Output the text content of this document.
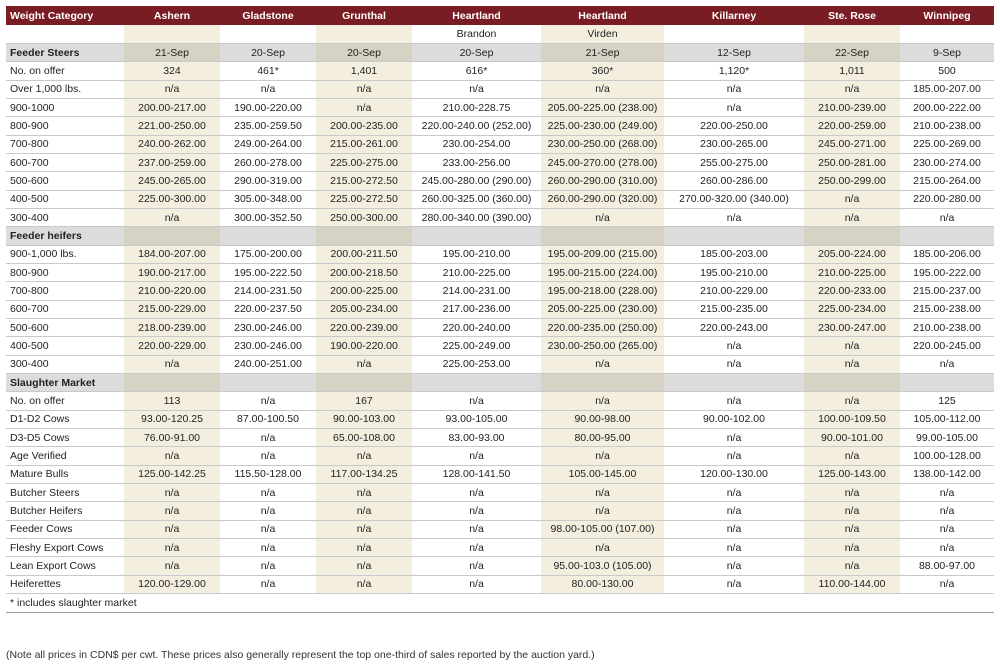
Weight Category	Ashern	Gladstone	Grunthal	Heartland	Heartland	Killarney	Ste. Rose	Winnipeg
				Brandon	Virden			
Feeder Steers	21-Sep	20-Sep	20-Sep	20-Sep	21-Sep	12-Sep	22-Sep	9-Sep
No. on offer	324	461*	1,401	616*	360*	1,120*	1,011	500
Over 1,000 lbs.	n/a	n/a	n/a	n/a	n/a	n/a	n/a	185.00-207.00
900-1000	200.00-217.00	190.00-220.00	n/a	210.00-228.75	205.00-225.00 (238.00)	n/a	210.00-239.00	200.00-222.00
800-900	221.00-250.00	235.00-259.50	200.00-235.00	220.00-240.00 (252.00)	225.00-230.00 (249.00)	220.00-250.00	220.00-259.00	210.00-238.00
700-800	240.00-262.00	249.00-264.00	215.00-261.00	230.00-254.00	230.00-250.00 (268.00)	230.00-265.00	245.00-271.00	225.00-269.00
600-700	237.00-259.00	260.00-278.00	225.00-275.00	233.00-256.00	245.00-270.00 (278.00)	255.00-275.00	250.00-281.00	230.00-274.00
500-600	245.00-265.00	290.00-319.00	215.00-272.50	245.00-280.00 (290.00)	260.00-290.00 (310.00)	260.00-286.00	250.00-299.00	215.00-264.00
400-500	225.00-300.00	305.00-348.00	225.00-272.50	260.00-325.00 (360.00)	260.00-290.00 (320.00)	270.00-320.00 (340.00)	n/a	220.00-280.00
300-400	n/a	300.00-352.50	250.00-300.00	280.00-340.00 (390.00)	n/a	n/a	n/a	n/a
Feeder heifers								
900-1,000 lbs.	184.00-207.00	175.00-200.00	200.00-211.50	195.00-210.00	195.00-209.00 (215.00)	185.00-203.00	205.00-224.00	185.00-206.00
800-900	190.00-217.00	195.00-222.50	200.00-218.50	210.00-225.00	195.00-215.00 (224.00)	195.00-210.00	210.00-225.00	195.00-222.00
700-800	210.00-220.00	214.00-231.50	200.00-225.00	214.00-231.00	195.00-218.00 (228.00)	210.00-229.00	220.00-233.00	215.00-237.00
600-700	215.00-229.00	220.00-237.50	205.00-234.00	217.00-236.00	205.00-225.00 (230.00)	215.00-235.00	225.00-234.00	215.00-238.00
500-600	218.00-239.00	230.00-246.00	220.00-239.00	220.00-240.00	220.00-235.00 (250.00)	220.00-243.00	230.00-247.00	210.00-238.00
400-500	220.00-229.00	230.00-246.00	190.00-220.00	225.00-249.00	230.00-250.00 (265.00)	n/a	n/a	220.00-245.00
300-400	n/a	240.00-251.00	n/a	225.00-253.00	n/a	n/a	n/a	n/a
Slaughter Market								
No. on offer	113	n/a	167	n/a	n/a	n/a	n/a	125
D1-D2 Cows	93.00-120.25	87.00-100.50	90.00-103.00	93.00-105.00	90.00-98.00	90.00-102.00	100.00-109.50	105.00-112.00
D3-D5 Cows	76.00-91.00	n/a	65.00-108.00	83.00-93.00	80.00-95.00	n/a	90.00-101.00	99.00-105.00
Age Verified	n/a	n/a	n/a	n/a	n/a	n/a	n/a	100.00-128.00
Mature Bulls	125.00-142.25	115.50-128.00	117.00-134.25	128.00-141.50	105.00-145.00	120.00-130.00	125.00-143.00	138.00-142.00
Butcher Steers	n/a	n/a	n/a	n/a	n/a	n/a	n/a	n/a
Butcher Heifers	n/a	n/a	n/a	n/a	n/a	n/a	n/a	n/a
Feeder Cows	n/a	n/a	n/a	n/a	98.00-105.00 (107.00)	n/a	n/a	n/a
Fleshy Export Cows	n/a	n/a	n/a	n/a	n/a	n/a	n/a	n/a
Lean Export Cows	n/a	n/a	n/a	n/a	95.00-103.0 (105.00)	n/a	n/a	88.00-97.00
Heiferettes	120.00-129.00	n/a	n/a	n/a	80.00-130.00	n/a	110.00-144.00	n/a
* includes slaughter market								
(Note all prices in CDN$ per cwt. These prices also generally represent the top one-third of sales reported by the auction yard.)
